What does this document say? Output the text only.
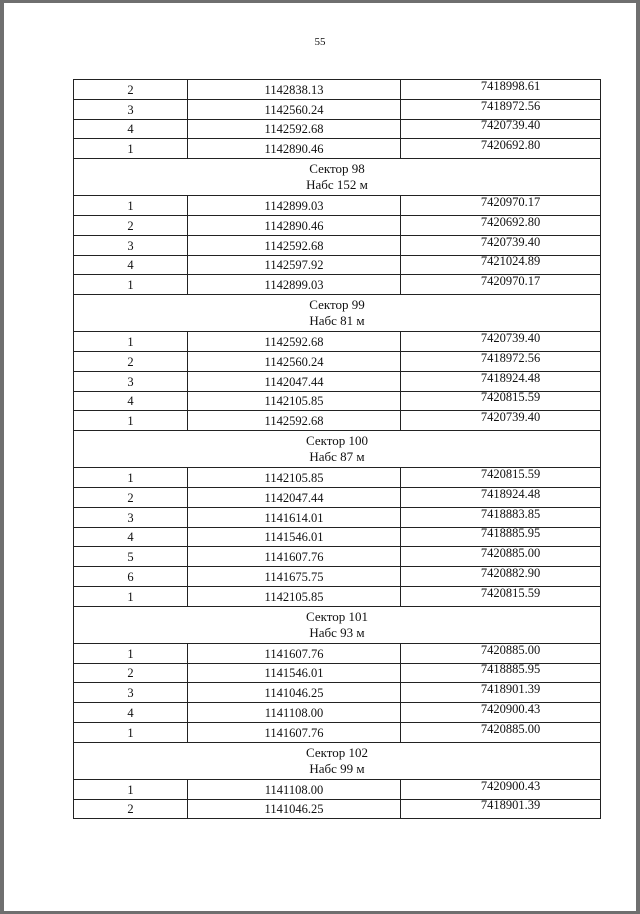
55
2	1142838.13	7418998.61
3	1142560.24	7418972.56
4	1142592.68	7420739.40
1	1142890.46	7420692.80

Сектор 98
Набс 152 м		

1	1142899.03	7420970.17
2	1142890.46	7420692.80
3	1142592.68	7420739.40
4	1142597.92	7421024.89
1	1142899.03	7420970.17

Сектор 99
Набс 81 м		

1	1142592.68	7420739.40
2	1142560.24	7418972.56
3	1142047.44	7418924.48
4	1142105.85	7420815.59
1	1142592.68	7420739.40

Сектор 100
Набс 87 м		

1	1142105.85	7420815.59
2	1142047.44	7418924.48
3	1141614.01	7418883.85
4	1141546.01	7418885.95
5	1141607.76	7420885.00
6	1141675.75	7420882.90
1	1142105.85	7420815.59

Сектор 101
Набс 93 м		

1	1141607.76	7420885.00
2	1141546.01	7418885.95
3	1141046.25	7418901.39
4	1141108.00	7420900.43
1	1141607.76	7420885.00

Сектор 102
Набс 99 м		

1	1141108.00	7420900.43
2	1141046.25	7418901.39
